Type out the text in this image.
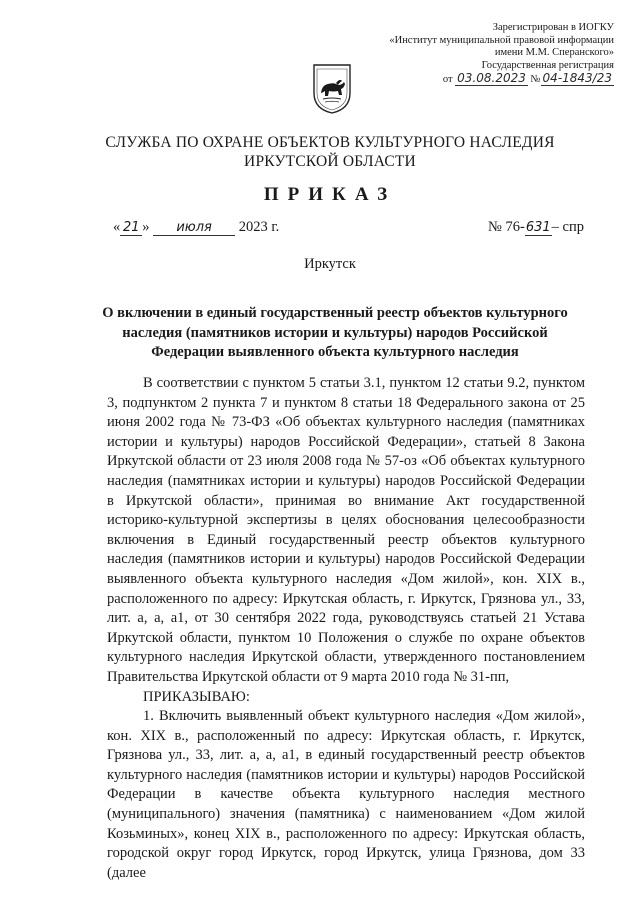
Зарегистрирован в ИОГКУ
«Институт муниципальной правовой информации
имени М.М. Сперанского»
Государственная регистрация
от 03.08.2023 № 04-1843/23
СЛУЖБА ПО ОХРАНЕ ОБЪЕКТОВ КУЛЬТУРНОГО НАСЛЕДИЯ
ИРКУТСКОЙ ОБЛАСТИ
ПРИКАЗ
« 21 » июля 2023 г.	№ 76-631– спр
Иркутск
О включении в единый государственный реестр объектов культурного наследия (памятников истории и культуры) народов Российской Федерации выявленного объекта культурного наследия

В соответствии с пунктом 5 статьи 3.1, пунктом 12 статьи 9.2, пунктом 3, подпунктом 2 пункта 7 и пунктом 8 статьи 18 Федерального закона от 25 июня 2002 года № 73-ФЗ «Об объектах культурного наследия (памятниках истории и культуры) народов Российской Федерации», статьей 8 Закона Иркутской области от 23 июля 2008 года № 57-оз «Об объектах культурного наследия (памятниках истории и культуры) народов Российской Федерации в Иркутской области», принимая во внимание Акт государственной историко-культурной экспертизы в целях обоснования целесообразности включения в Единый государственный реестр объектов культурного наследия (памятников истории и культуры) народов Российской Федерации выявленного объекта культурного наследия «Дом жилой», кон. XIX в., расположенного по адресу: Иркутская область, г. Иркутск, Грязнова ул., 33, лит. а, а, а1, от 30 сентября 2022 года, руководствуясь статьей 21 Устава Иркутской области, пунктом 10 Положения о службе по охране объектов культурного наследия Иркутской области, утвержденного постановлением Правительства Иркутской области от 9 марта 2010 года № 31-пп,

ПРИКАЗЫВАЮ:

1. Включить выявленный объект культурного наследия «Дом жилой», кон. XIX в., расположенный по адресу: Иркутская область, г. Иркутск, Грязнова ул., 33, лит. а, а, а1, в единый государственный реестр объектов культурного наследия (памятников истории и культуры) народов Российской Федерации в качестве объекта культурного наследия местного (муниципального) значения (памятника) с наименованием «Дом жилой Козьминых», конец XIX в., расположенного по адресу: Иркутская область, городской округ город Иркутск, город Иркутск, улица Грязнова, дом 33 (далее
